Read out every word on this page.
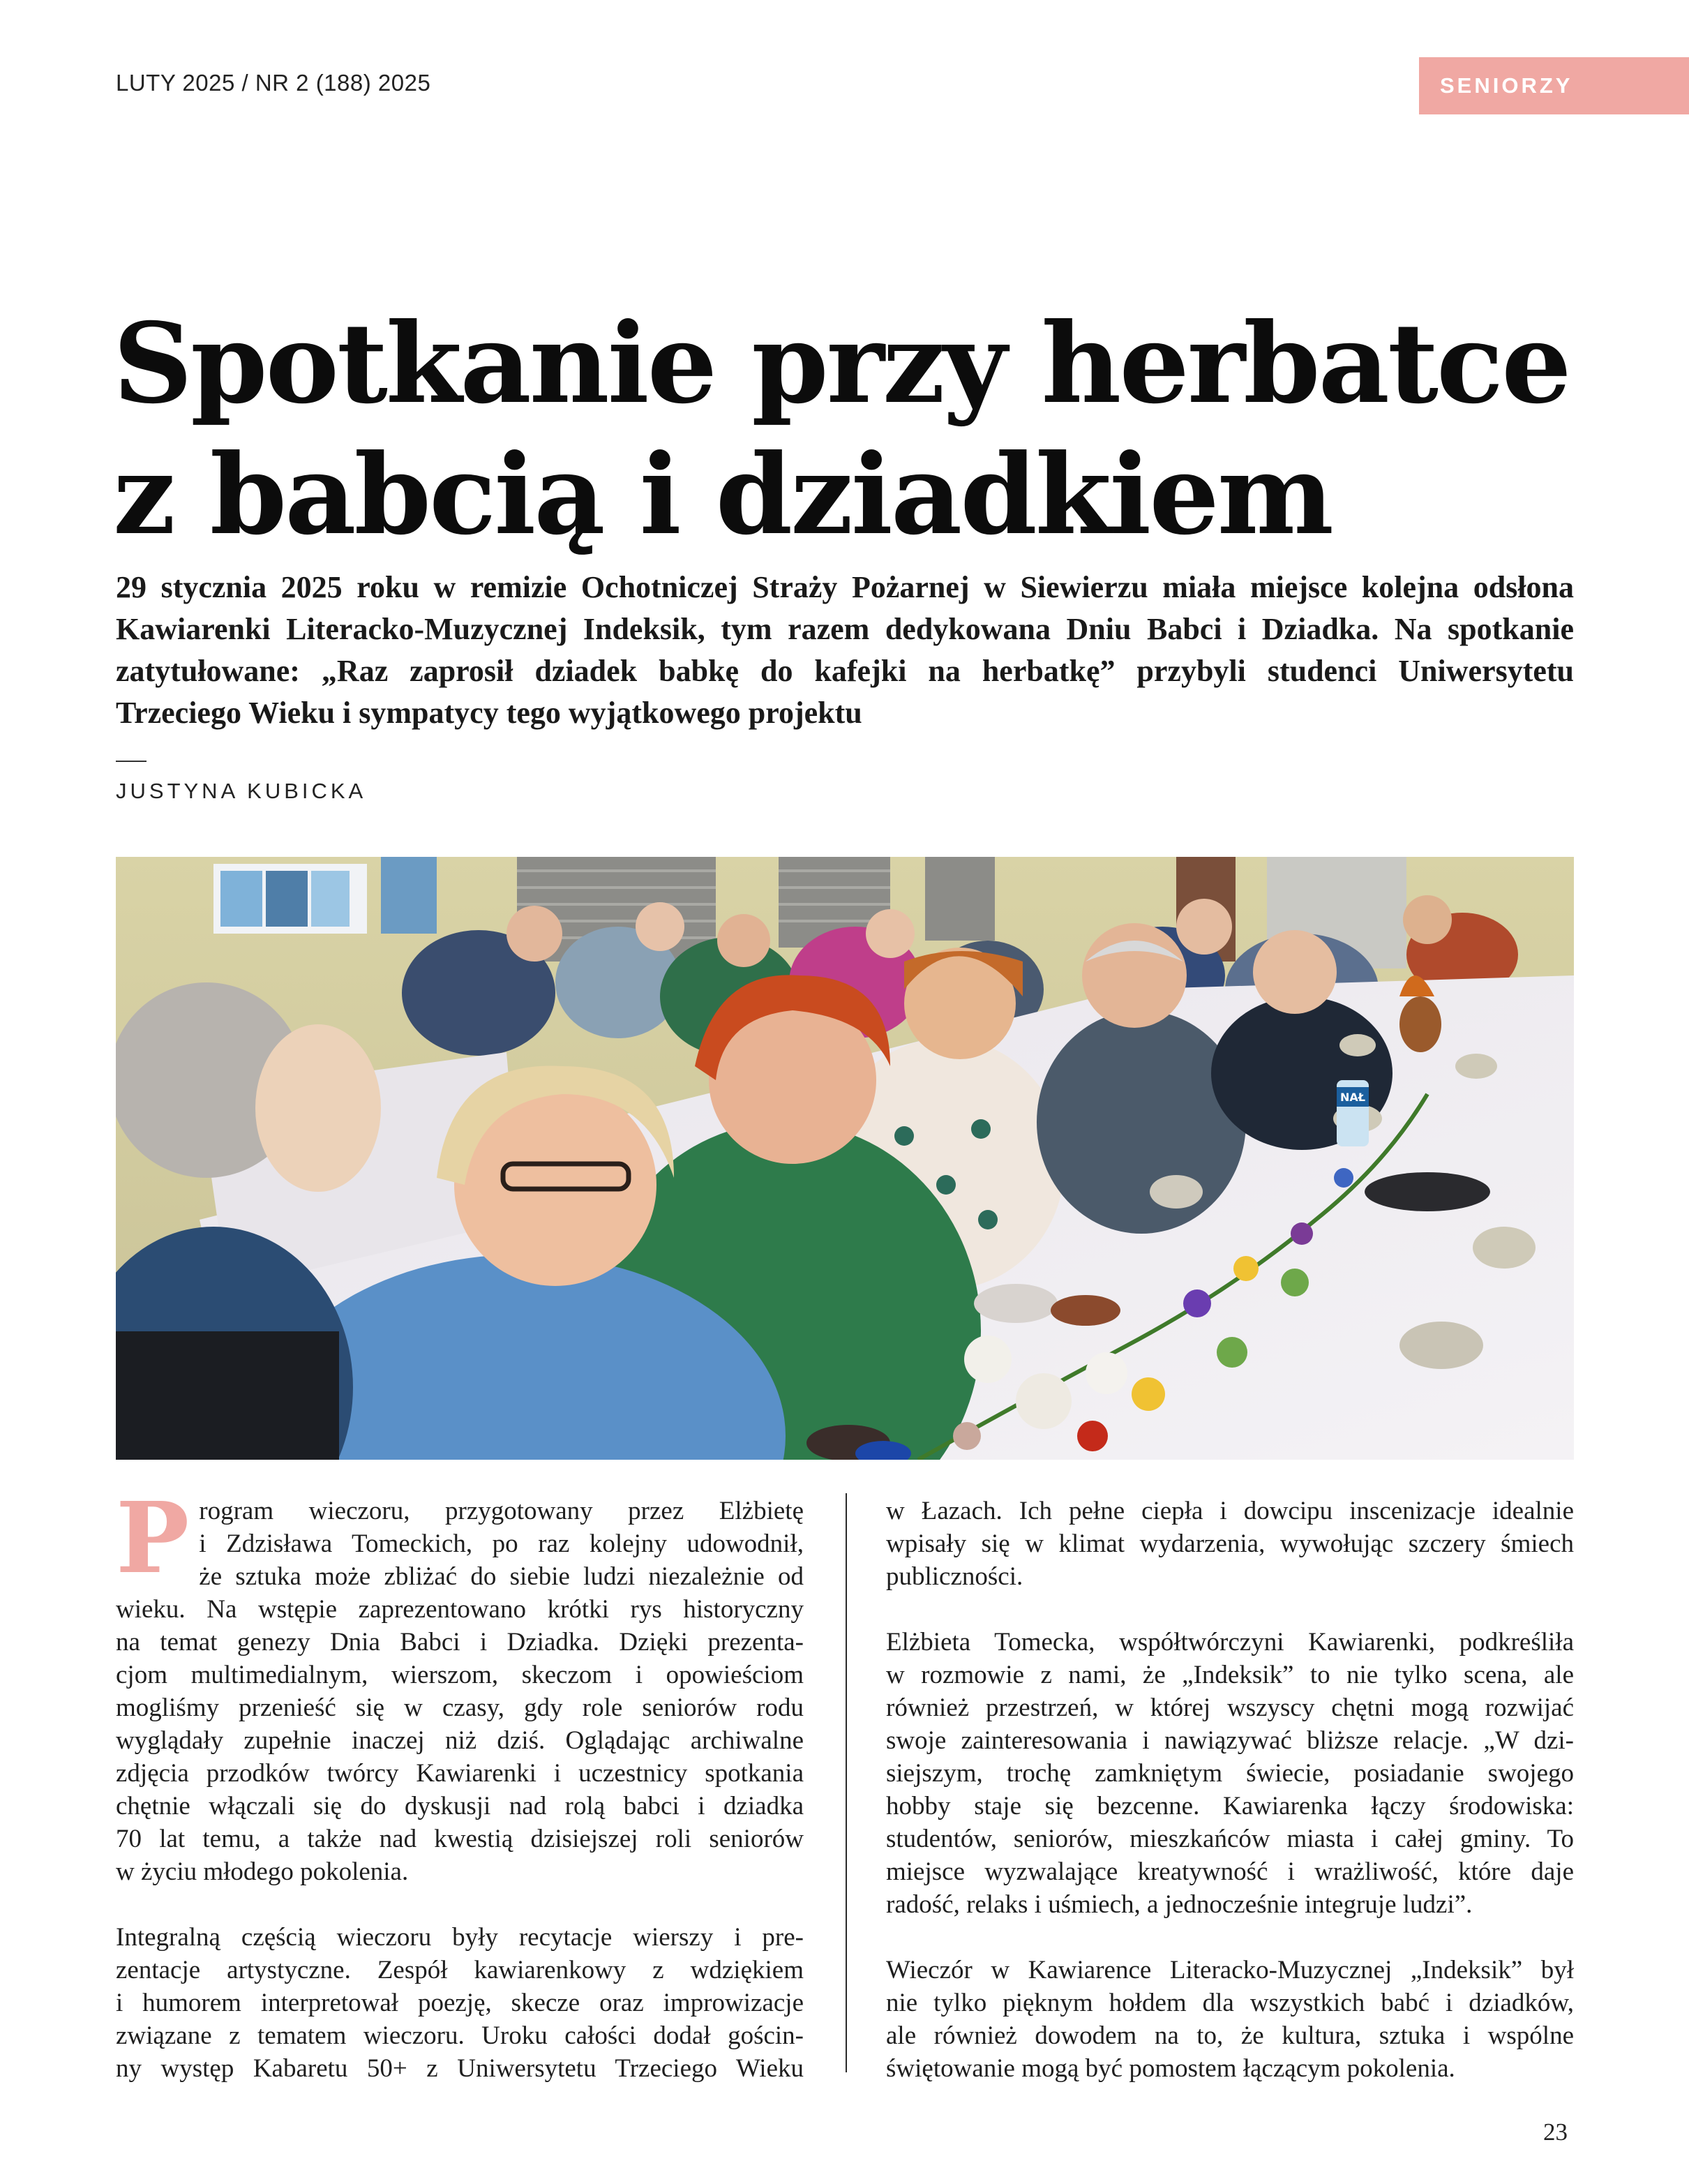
LUTY 2025 / NR 2 (188) 2025	SENIORZY
Spotkanie przy herbatce
z babcią i dziadkiem
29 stycznia 2025 roku w remizie Ochotniczej Straży Pożarnej w Siewierzu miała miejsce kolejna odsłona
Kawiarenki Literacko-Muzycznej Indeksik, tym razem dedykowana Dniu Babci i Dziadka. Na spotkanie
zatytułowane: „Raz zaprosił dziadek babkę do kafejki na herbatkę” przybyli studenci Uniwersytetu
Trzeciego Wieku i sympatycy tego wyjątkowego projektu
JUSTYNA KUBICKA
NAŁ

P rogram wieczoru, przygotowany przez Elżbietę
i Zdzisława Tomeckich, po raz kolejny udowodnił,
że sztuka może zbliżać do siebie ludzi niezależnie od
wieku. Na wstępie zaprezentowano krótki rys historyczny
na temat genezy Dnia Babci i Dziadka. Dzięki prezenta-
cjom multimedialnym, wierszom, skeczom i opowieściom
mogliśmy przenieść się w czasy, gdy role seniorów rodu
wyglądały zupełnie inaczej niż dziś. Oglądając archiwalne
zdjęcia przodków twórcy Kawiarenki i uczestnicy spotkania
chętnie włączali się do dyskusji nad rolą babci i dziadka
70 lat temu, a także nad kwestią dzisiejszej roli seniorów
w życiu młodego pokolenia.

Integralną częścią wieczoru były recytacje wierszy i pre-
zentacje artystyczne. Zespół kawiarenkowy z wdziękiem
i humorem interpretował poezję, skecze oraz improwizacje
związane z tematem wieczoru. Uroku całości dodał gościn-
ny występ Kabaretu 50+ z Uniwersytetu Trzeciego Wieku

w Łazach. Ich pełne ciepła i dowcipu inscenizacje idealnie
wpisały się w klimat wydarzenia, wywołując szczery śmiech
publiczności.

Elżbieta Tomecka, współtwórczyni Kawiarenki, podkreśliła
w rozmowie z nami, że „Indeksik” to nie tylko scena, ale
również przestrzeń, w której wszyscy chętni mogą rozwijać
swoje zainteresowania i nawiązywać bliższe relacje. „W dzi-
siejszym, trochę zamkniętym świecie, posiadanie swojego
hobby staje się bezcenne. Kawiarenka łączy środowiska:
studentów, seniorów, mieszkańców miasta i całej gminy. To
miejsce wyzwalające kreatywność i wrażliwość, które daje
radość, relaks i uśmiech, a jednocześnie integruje ludzi”.

Wieczór w Kawiarence Literacko-Muzycznej „Indeksik” był
nie tylko pięknym hołdem dla wszystkich babć i dziadków,
ale również dowodem na to, że kultura, sztuka i wspólne
świętowanie mogą być pomostem łączącym pokolenia.

23
